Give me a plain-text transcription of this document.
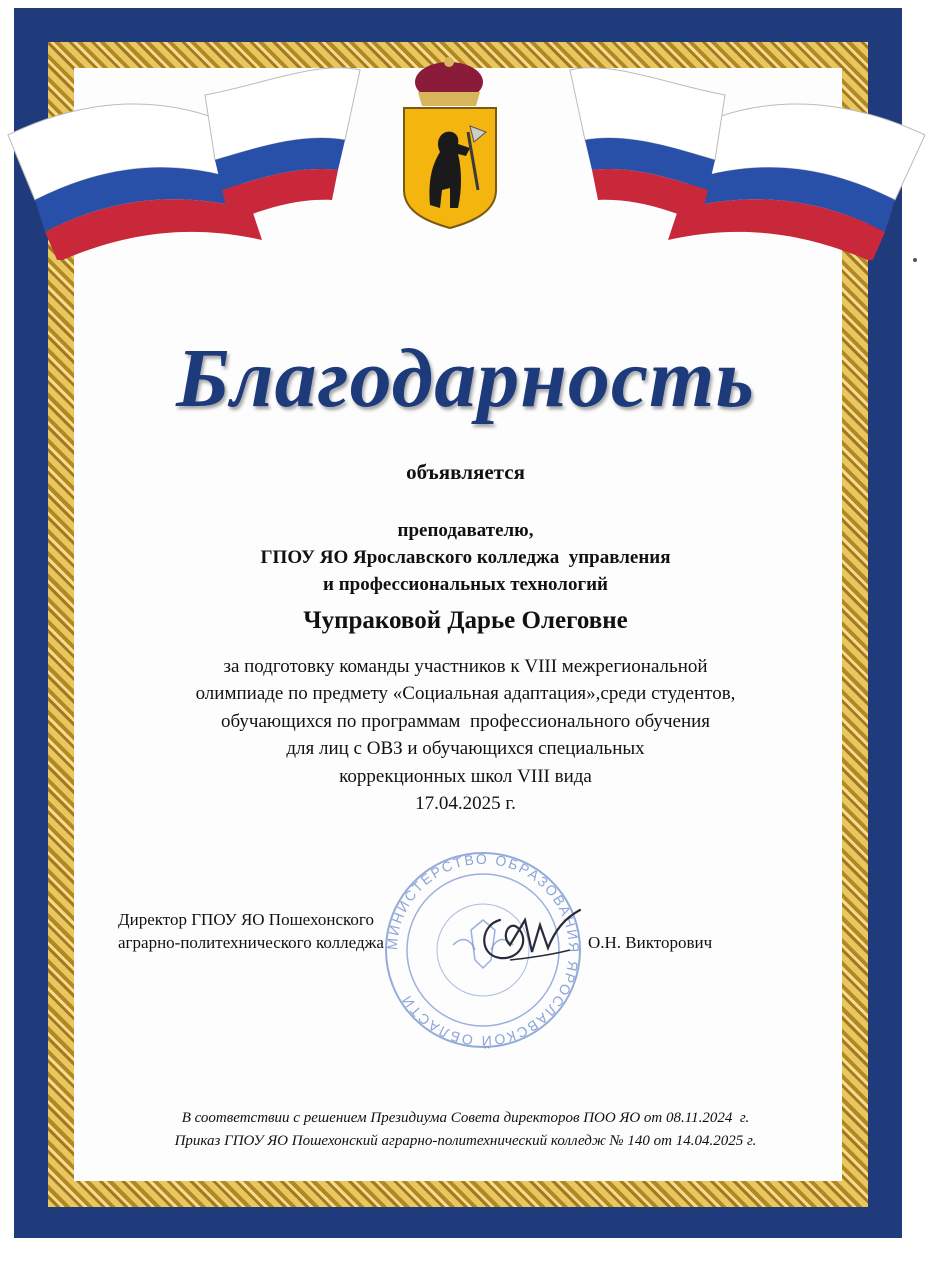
Благодарность
объявляется
преподавателю,
ГПОУ ЯО Ярославского колледжа  управления
и профессиональных технологий
Чупраковой Дарье Олеговне
за подготовку команды участников к VIII межрегиональной
олимпиаде по предмету «Социальная адаптация»,среди студентов,
обучающихся по программам  профессионального обучения
для лиц с ОВЗ и обучающихся специальных
коррекционных школ VIII вида
17.04.2025 г.
МИНИСТЕРСТВО ОБРАЗОВАНИЯ ЯРОСЛАВСКОЙ ОБЛАСТИ
Директор ГПОУ ЯО Пошехонского
аграрно-политехнического колледжа	О.Н. Викторович
В соответствии с решением Президиума Совета директоров ПОО ЯО от 08.11.2024  г.
Приказ ГПОУ ЯО Пошехонский аграрно-политехнический колледж № 140 от 14.04.2025 г.
